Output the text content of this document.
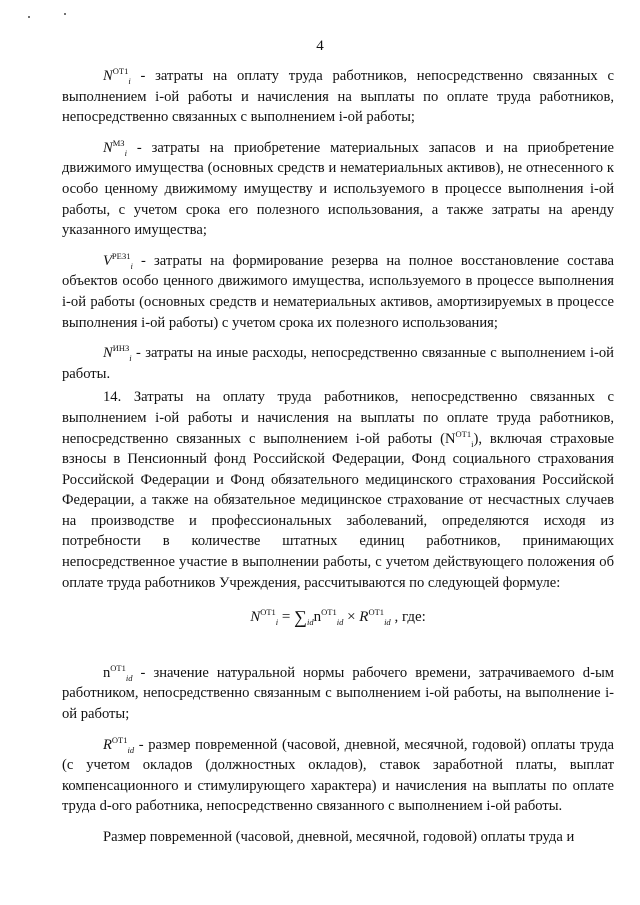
4

$N^{ОТ1}_i$ - затраты на оплату труда работников, непосредственно связанных с выполнением i-ой работы и начисления на выплаты по оплате труда работников, непосредственно связанных с выполнением i-ой работы;

$N^{МЗ}_i$ - затраты на приобретение материальных запасов и на приобретение движимого имущества (основных средств и нематериальных активов), не отнесенного к особо ценному движимому имуществу и используемого в процессе выполнения i-ой работы, с учетом срока его полезного использования, а также затраты на аренду указанного имущества;

$V^{РЕЗ1}_i$ - затраты на формирование резерва на полное восстановление состава объектов особо ценного движимого имущества, используемого в процессе выполнения i-ой работы (основных средств и нематериальных активов, амортизируемых в процессе выполнения i-ой работы) с учетом срока их полезного использования;

$N^{ИНЗ}_i$ - затраты на иные расходы, непосредственно связанные с выполнением i-ой работы.

14. Затраты на оплату труда работников, непосредственно связанных с выполнением i-ой работы и начисления на выплаты по оплате труда работников, непосредственно связанных с выполнением i-ой работы $(N^{ОТ1}_i)$, включая страховые взносы в Пенсионный фонд Российской Федерации, Фонд социального страхования Российской Федерации и Фонд обязательного медицинского страхования Российской Федерации, а также на обязательное медицинское страхование от несчастных случаев на производстве и профессиональных заболеваний, определяются исходя из потребности в количестве штатных единиц работников, принимающих непосредственное участие в выполнении работы, с учетом действующего положения об оплате труда работников Учреждения, рассчитываются по следующей формуле:

$N^{ОТ1}_i = \sum_{id}n^{ОТ1}_{id} \times R^{ОТ1}_{id}$ , где:

$n^{ОТ1}_{id}$ - значение натуральной нормы рабочего времени, затрачиваемого d-ым работником, непосредственно связанным с выполнением i-ой работы, на выполнение i-ой работы;

$R^{ОТ1}_{id}$ - размер повременной (часовой, дневной, месячной, годовой) оплаты труда (с учетом окладов (должностных окладов), ставок заработной платы, выплат компенсационного и стимулирующего характера) и начисления на выплаты по оплате труда d-ого работника, непосредственно связанного с выполнением i-ой работы.

Размер повременной (часовой, дневной, месячной, годовой) оплаты труда и
